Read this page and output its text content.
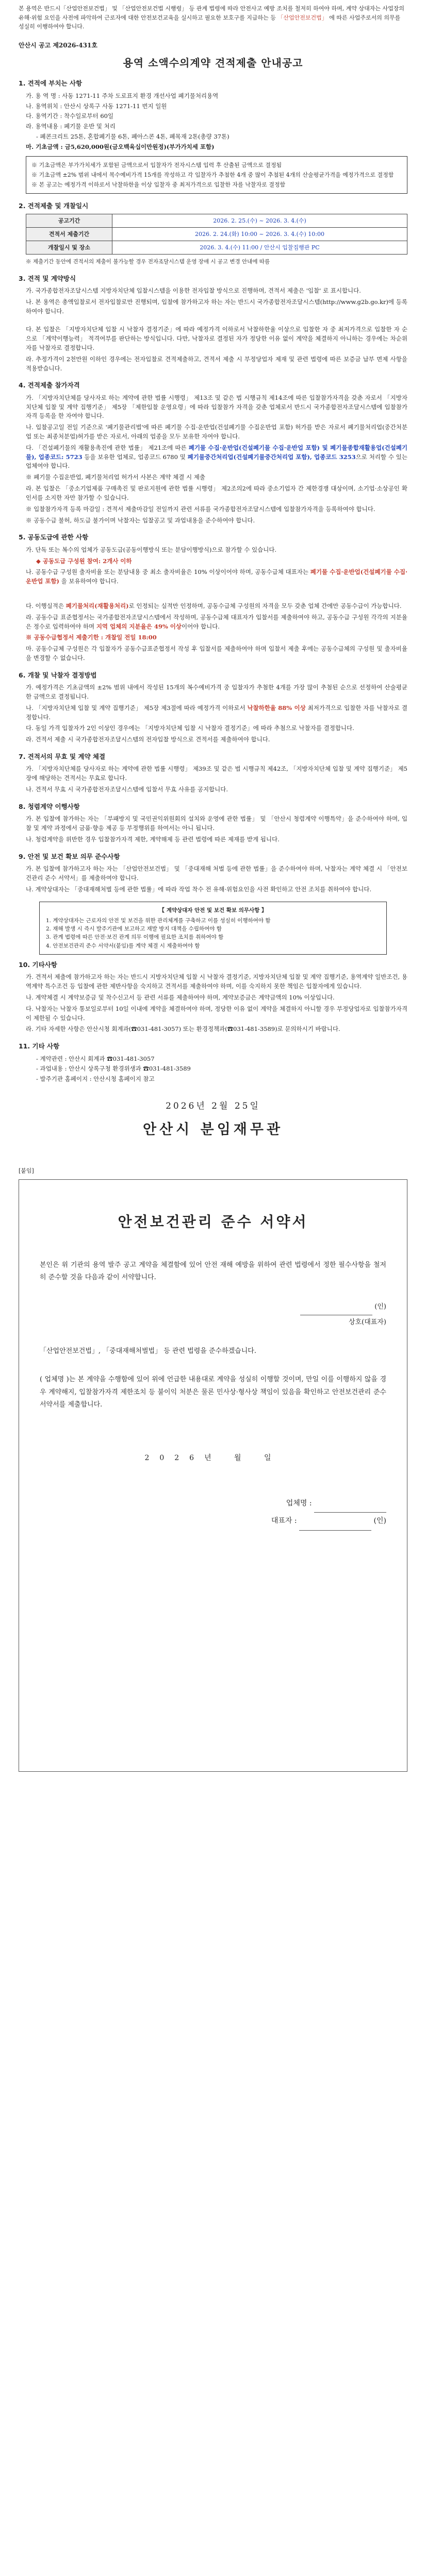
본 용역은 반드시「산업안전보건법」 및 「산업안전보건법 시행령」 등 관계 법령에 따라 안전사고 예방 조치를 철저히 하여야 하며, 계약 상대자는 사업장의 유해·위험 요인을 사전에 파악하여 근로자에 대한 안전보건교육을 실시하고 필요한 보호구를 지급하는 등 「산업안전보건법」 에 따른 사업주로서의 의무를 성실히 이행하여야 합니다.
안산시 공고 제2026-431호
용역 소액수의계약 견적제출 안내공고
1. 견적에 부치는 사항
가. 용 역 명 : 사동 1271-11 주차 도로표지 환경 개선사업 폐기물처리용역
나. 용역위치 : 안산시 상록구 사동 1271-11 번지 일원
다. 용역기간 : 착수일로부터 60일
라. 용역내용 : 폐기물 운반 및 처리
- 폐콘크리트 25톤, 혼합폐기물 6톤, 폐아스콘 4톤, 폐목재 2톤(총량 37톤)
마. 기초금액 : 금5,620,000원(금오백육십이만원정)(부가가치세 포함)
※ 기초금액은 부가가치세가 포함된 금액으로서 입찰자가 전자시스템 입력 후 산출된 금액으로 결정됨
※ 기초금액 ±2% 범위 내에서 복수예비가격 15개를 작성하고 각 입찰자가 추첨한 4개 중 많이 추첨된 4개의 산술평균가격을 예정가격으로 결정함
※ 본 공고는 예정가격 이하로서 낙찰하한율 이상 입찰자 중 최저가격으로 입찰한 자를 낙찰자로 결정함
2. 견적제출 및 개찰일시
공고기간	2026. 2. 25.(수) ~ 2026. 3. 4.(수)
견적서 제출기간	2026. 2. 24.(화) 10:00 ~ 2026. 3. 4.(수) 10:00
개찰일시 및 장소	2026. 3. 4.(수) 11:00 / 안산시 입찰집행관 PC
※ 제출기간 동안에 견적서의 제출이 불가능할 경우 전자조달시스템 운영 장애 시 공고 변경 안내에 따름
3. 견적 및 계약방식
가. 국가종합전자조달시스템 지방자치단체 입찰시스템을 이용한 전자입찰 방식으로 진행하며, 견적서 제출은 '입찰' 로 표시합니다.
나. 본 용역은 총액입찰로서 전자입찰로만 진행되며, 입찰에 참가하고자 하는 자는 반드시 국가종합전자조달시스템(http://www.g2b.go.kr)에 등록하여야 합니다.
다. 본 입찰은 「지방자치단체 입찰 시 낙찰자 결정기준」에 따라 예정가격 이하로서 낙찰하한율 이상으로 입찰한 자 중 최저가격으로 입찰한 자 순으로 「계약이행능력」 적격여부를 판단하는 방식입니다. 다만, 낙찰자로 결정된 자가 정당한 이유 없이 계약을 체결하지 아니하는 경우에는 차순위자를 낙찰자로 결정합니다.
라. 추정가격이 2천만원 이하인 경우에는 전자입찰로 견적제출하고, 견적서 제출 시 부정당업자 제재 및 관련 법령에 따른 보증금 납부 면제 사항을 적용받습니다.
4. 견적제출 참가자격
가. 「지방자치단체를 당사자로 하는 계약에 관한 법률 시행령」 제13조 및 같은 법 시행규칙 제14조에 따른 입찰참가자격을 갖춘 자로서 「지방자치단체 입찰 및 계약 집행기준」 제5장 「제한입찰 운영요령」에 따라 입찰참가 자격을 갖춘 업체로서 반드시 국가종합전자조달시스템에 입찰참가자격 등록을 한 자여야 합니다.
나. 입찰공고일 전일 기준으로 '폐기물관리법'에 따른 폐기물 수집·운반업(건설폐기물 수집운반업 포함) 허가를 받은 자로서 폐기물처리업(중간처분업 또는 최종처분업)허가를 받은 자로서, 아래의 업종을 모두 보유한 자여야 합니다.
다. 「건설폐기물의 재활용촉진에 관한 법률」 제21조에 따른 폐기물 수집·운반업(건설폐기물 수집·운반업 포함) 및 폐기물종합재활용업(건설폐기물), 업종코드: 5723 등을 보유한 업체로, 업종코드 6780 및 폐기물중간처리업(건설폐기물중간처리업 포함), 업종코드 3253으로 처리할 수 있는 업체여야 합니다.
※ 폐기물 수집운반업, 폐기물처리업 허가서 사본은 계약 체결 시 제출
라. 본 입찰은 「중소기업제품 구매촉진 및 판로지원에 관한 법률 시행령」 제2조의2에 따라 중소기업자 간 제한경쟁 대상이며, 소기업·소상공인 확인서를 소지한 자만 참가할 수 있습니다.
※ 입찰참가자격 등록 마감일 : 견적서 제출마감일 전일까지 관련 서류를 국가종합전자조달시스템에 입찰참가자격을 등록하여야 합니다.
※ 공동수급 불허, 하도급 불가이며 낙찰자는 입찰공고 및 과업내용을 준수하여야 합니다.
5. 공동도급에 관한 사항
가. 단독 또는 복수의 업체가 공동도급(공동이행방식 또는 분담이행방식)으로 참가할 수 있습니다.
◆ 공동도급 구성원 참여: 2개사 이하
나. 공동수급 구성원 출자비율 또는 분담내용 중 최소 출자비율은 10% 이상이어야 하며, 공동수급체 대표자는 폐기물 수집·운반업(건설폐기물 수집·운반업 포함) 을 보유하여야 합니다.
다. 이행실적은 폐기물처리(재활용처리)로 인정되는 실적만 인정하며, 공동수급체 구성원의 자격을 모두 갖춘 업체 간에만 공동수급이 가능합니다.
라. 공동수급 표준협정서는 국가종합전자조달시스템에서 작성하며, 공동수급체 대표자가 입찰서를 제출하여야 하고, 공동수급 구성원 각각의 지분율은 정수로 입력하여야 하며 지역 업체의 지분율은 49% 이상이어야 합니다.
※ 공동수급협정서 제출기한 : 개찰일 전일 18:00
마. 공동수급체 구성원은 각 입찰자가 공동수급표준협정서 작성 후 입찰서를 제출하여야 하며 입찰서 제출 후에는 공동수급체의 구성원 및 출자비율을 변경할 수 없습니다.
6. 개찰 및 낙찰자 결정방법
가. 예정가격은 기초금액의 ±2% 범위 내에서 작성된 15개의 복수예비가격 중 입찰자가 추첨한 4개를 가장 많이 추첨된 순으로 선정하여 산술평균한 금액으로 결정됩니다.
나. 「지방자치단체 입찰 및 계약 집행기준」 제5장 제3절에 따라 예정가격 이하로서 낙찰하한율 88% 이상 최저가격으로 입찰한 자를 낙찰자로 결정합니다.
다. 동일 가격 입찰자가 2인 이상인 경우에는 「지방자치단체 입찰 시 낙찰자 결정기준」에 따라 추첨으로 낙찰자를 결정합니다.
라. 견적서 제출 시 국가종합전자조달시스템의 전자입찰 방식으로 견적서를 제출하여야 합니다.
7. 견적서의 무효 및 계약 체결
가. 「지방자치단체를 당사자로 하는 계약에 관한 법률 시행령」 제39조 및 같은 법 시행규칙 제42조, 「지방자치단체 입찰 및 계약 집행기준」 제5장에 해당하는 견적서는 무효로 합니다.
나. 견적서 무효 시 국가종합전자조달시스템에 입찰서 무효 사유를 공지합니다.
8. 청렴계약 이행사항
가. 본 입찰에 참가하는 자는 「부패방지 및 국민권익위원회의 설치와 운영에 관한 법률」 및 「안산시 청렴계약 이행특약」을 준수하여야 하며, 입찰 및 계약 과정에서 금품·향응 제공 등 부정행위를 하여서는 아니 됩니다.
나. 청렴계약을 위반한 경우 입찰참가자격 제한, 계약해제 등 관련 법령에 따른 제재를 받게 됩니다.
9. 안전 및 보건 확보 의무 준수사항
가. 본 입찰에 참가하고자 하는 자는 「산업안전보건법」 및 「중대재해 처벌 등에 관한 법률」을 준수하여야 하며, 낙찰자는 계약 체결 시 「안전보건관리 준수 서약서」를 제출하여야 합니다.
나. 계약상대자는 「중대재해처벌 등에 관한 법률」에 따라 작업 착수 전 유해·위험요인을 사전 확인하고 안전 조치를 취하여야 합니다.
【 계약상대자 안전 및 보건 확보 의무사항 】
1. 계약상대자는 근로자의 안전 및 보건을 위한 관리체계를 구축하고 이를 성실히 이행하여야 함
2. 재해 발생 시 즉시 발주기관에 보고하고 재발 방지 대책을 수립하여야 함
3. 관계 법령에 따른 안전·보건 관계 의무 이행에 필요한 조치를 취하여야 함
4. 안전보건관리 준수 서약서(붙임)를 계약 체결 시 제출하여야 함
10. 기타사항
가. 견적서 제출에 참가하고자 하는 자는 반드시 지방자치단체 입찰 시 낙찰자 결정기준, 지방자치단체 입찰 및 계약 집행기준, 용역계약 일반조건, 용역계약 특수조건 등 입찰에 관한 제반사항을 숙지하고 견적서를 제출하여야 하며, 이를 숙지하지 못한 책임은 입찰자에게 있습니다.
나. 계약체결 시 계약보증금 및 착수신고서 등 관련 서류를 제출하여야 하며, 계약보증금은 계약금액의 10% 이상입니다.
다. 낙찰자는 낙찰자 통보일로부터 10일 이내에 계약을 체결하여야 하며, 정당한 이유 없이 계약을 체결하지 아니할 경우 부정당업자로 입찰참가자격이 제한될 수 있습니다.
라. 기타 자세한 사항은 안산시청 회계과(☎031-481-3057) 또는 환경정책과(☎031-481-3589)로 문의하시기 바랍니다.
11. 기타 사항
- 계약관련 : 안산시 회계과 ☎031-481-3057
- 과업내용 : 안산시 상록구청 환경위생과 ☎031-481-3589
- 발주기관 홈페이지 : 안산시청 홈페이지 참고
2026년 2월 25일
안산시 분임재무관
[붙임]
안전보건관리 준수 서약서
본인은 위 기관의 용역 발주 공고 계약을 체결함에 있어 안전 재해 예방을 위하여 관련 법령에서 정한 필수사항을 철저히 준수할 것을 다음과 같이 서약합니다.
(인)
상호(대표자)
「산업안전보건법」, 「중대재해처벌법」 등 관련 법령을 준수하겠습니다.
( 업체명 )는 본 계약을 수행함에 있어 위에 언급한 내용대로 계약을 성실히 이행할 것이며, 만일 이를 이행하지 않을 경우 계약해지, 입찰참가자격 제한조치 등 불이익 처분은 물론 민사상·형사상 책임이 있음을 확인하고 안전보건관리 준수 서약서를 제출합니다.
2026년 월 일
업체명 :
대표자 :	(인)
